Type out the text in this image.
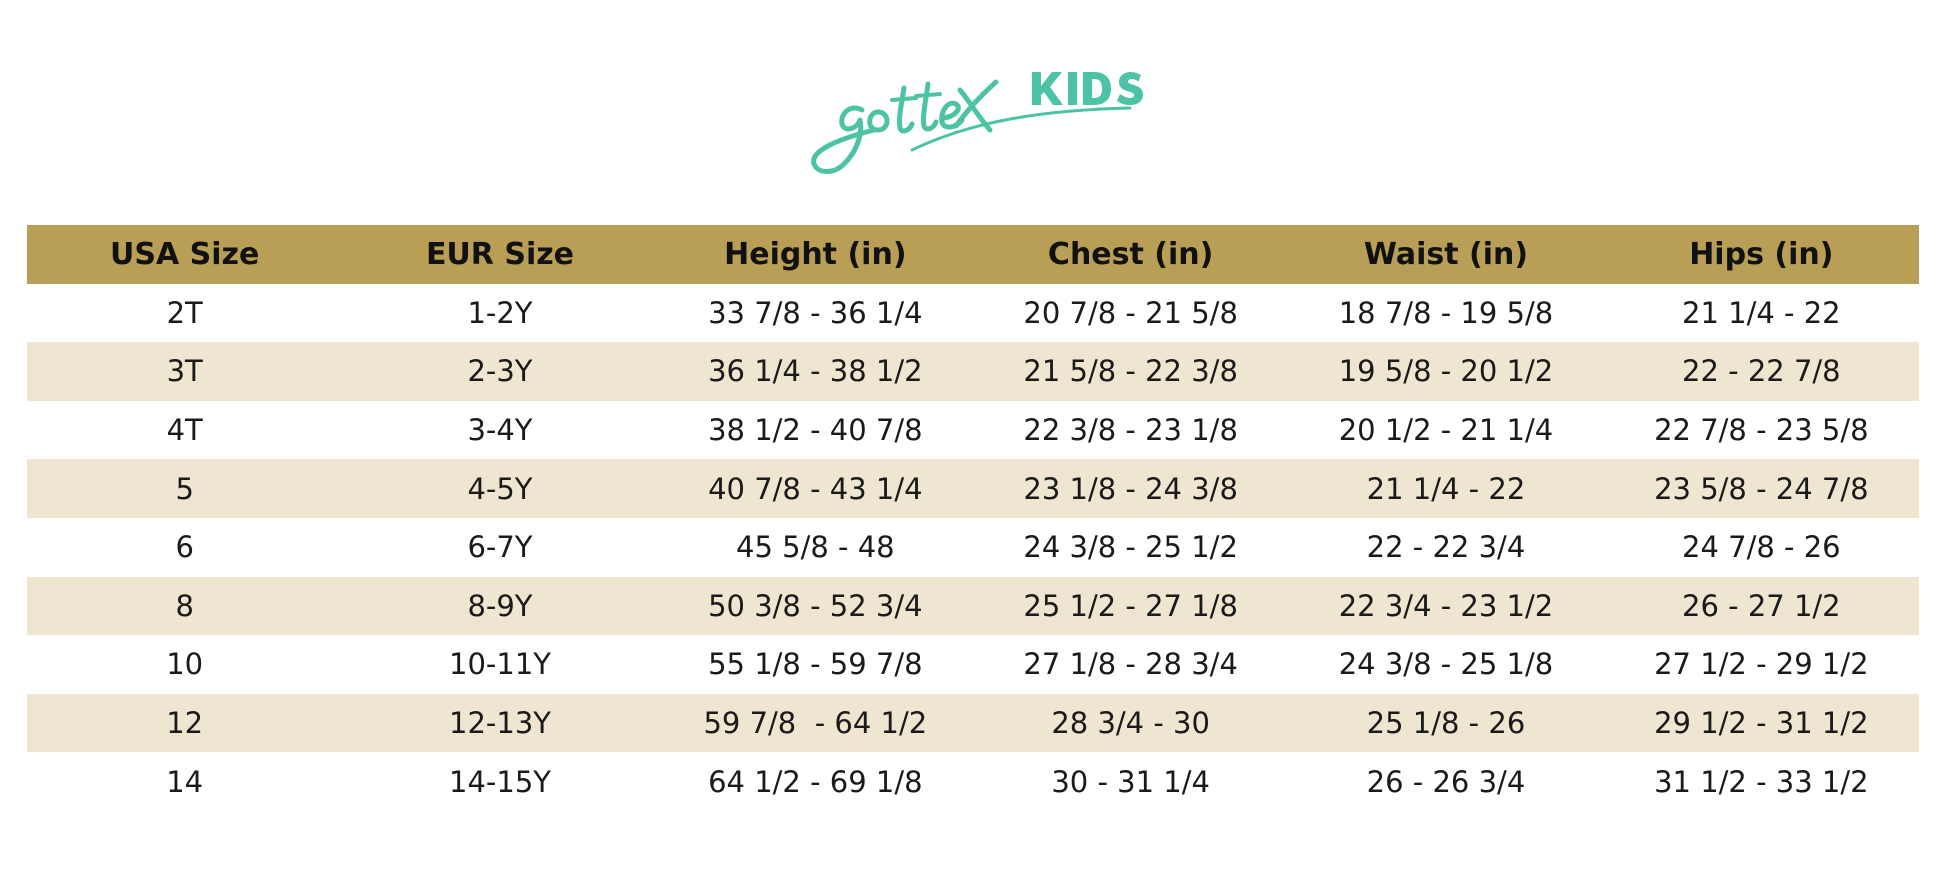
USA Size	EUR Size	Height (in)	Chest (in)	Waist (in)	Hips (in)
2T	1-2Y	33 7/8 - 36 1/4	20 7/8 - 21 5/8	18 7/8 - 19 5/8	21 1/4 - 22
3T	2-3Y	36 1/4 - 38 1/2	21 5/8 - 22 3/8	19 5/8 - 20 1/2	22 - 22 7/8
4T	3-4Y	38 1/2 - 40 7/8	22 3/8 - 23 1/8	20 1/2 - 21 1/4	22 7/8 - 23 5/8
5	4-5Y	40 7/8 - 43 1/4	23 1/8 - 24 3/8	21 1/4 - 22	23 5/8 - 24 7/8
6	6-7Y	45 5/8 - 48	24 3/8 - 25 1/2	22 - 22 3/4	24 7/8 - 26
8	8-9Y	50 3/8 - 52 3/4	25 1/2 - 27 1/8	22 3/4 - 23 1/2	26 - 27 1/2
10	10-11Y	55 1/8 - 59 7/8	27 1/8 - 28 3/4	24 3/8 - 25 1/8	27 1/2 - 29 1/2
12	12-13Y	59 7/8  - 64 1/2	28 3/4 - 30	25 1/8 - 26	29 1/2 - 31 1/2
14	14-15Y	64 1/2 - 69 1/8	30 - 31 1/4	26 - 26 3/4	31 1/2 - 33 1/2
